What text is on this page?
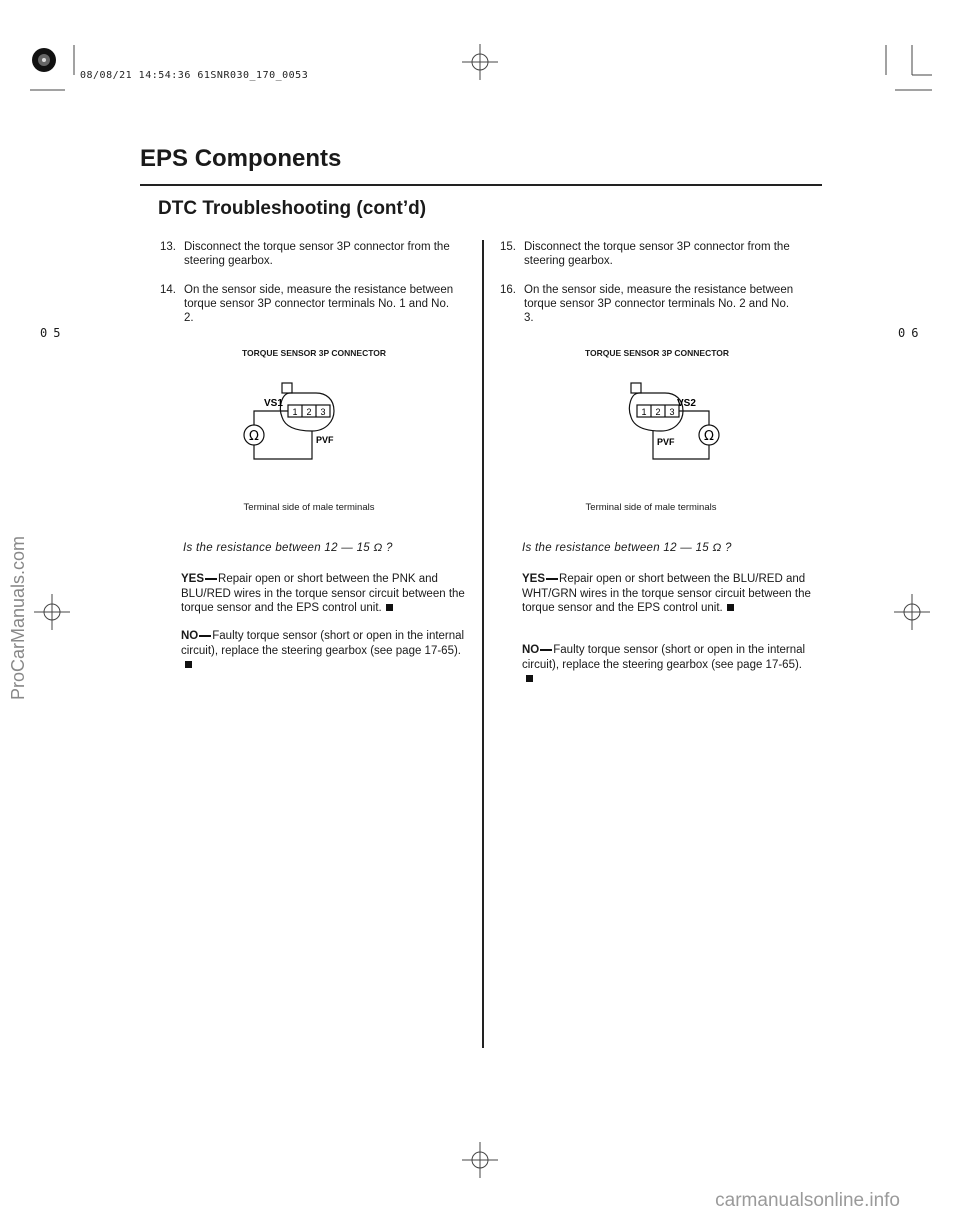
08/08/21 14:54:36 61SNR030_170_0053
EPS Components
DTC Troubleshooting (cont’d)
05	06
13. Disconnect the torque sensor 3P connector from the steering gearbox.
14. On the sensor side, measure the resistance between torque sensor 3P connector terminals No. 1 and No. 2.
TORQUE SENSOR 3P CONNECTOR
1 2 3
Ω
VS1
PVF
Terminal side of male terminals
Is the resistance between 12 — 15 Ω ?
YES Repair open or short between the PNK and BLU/RED wires in the torque sensor circuit between the torque sensor and the EPS control unit.
NO Faulty torque sensor (short or open in the internal circuit), replace the steering gearbox (see page 17-65).
15. Disconnect the torque sensor 3P connector from the steering gearbox.
16. On the sensor side, measure the resistance between torque sensor 3P connector terminals No. 2 and No. 3.
TORQUE SENSOR 3P CONNECTOR
1 2 3
Ω
VS2
PVF
Terminal side of male terminals
Is the resistance between 12 — 15 Ω ?
YES Repair open or short between the BLU/RED and WHT/GRN wires in the torque sensor circuit between the torque sensor and the EPS control unit.
NO Faulty torque sensor (short or open in the internal circuit), replace the steering gearbox (see page 17-65).
ProCarManuals.com
carmanualsonline.info
